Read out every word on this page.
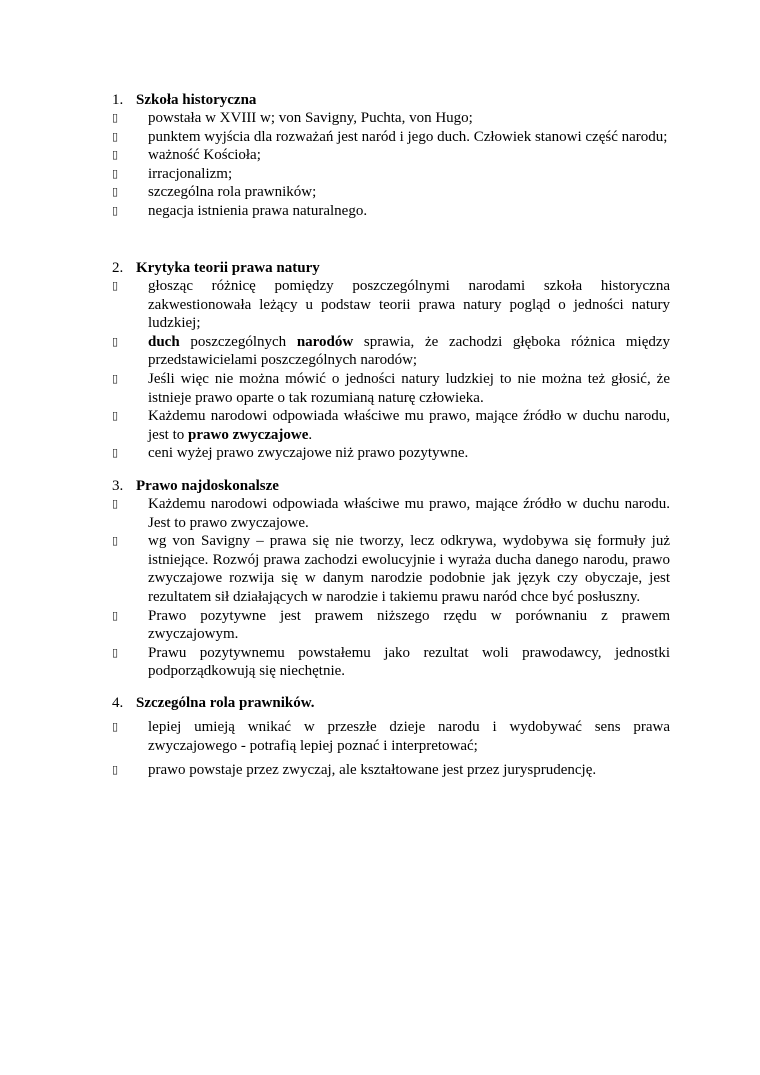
1. Szkoła historyczna
▯	powstała w XVIII w; von Savigny, Puchta, von Hugo;
▯	punktem wyjścia dla rozważań jest naród i jego duch. Człowiek stanowi część narodu;
▯	ważność Kościoła;
▯	irracjonalizm;
▯	szczególna rola prawników;
▯	negacja istnienia prawa naturalnego.
2. Krytyka teorii prawa natury
▯	głosząc różnicę pomiędzy poszczególnymi narodami szkoła historyczna zakwestionowała leżący u podstaw teorii prawa natury pogląd o jedności natury ludzkiej;
▯	duch poszczególnych narodów sprawia, że zachodzi głęboka różnica między przedstawicielami poszczególnych narodów;
▯	Jeśli więc nie można mówić o jedności natury ludzkiej to nie można też głosić, że istnieje prawo oparte o tak rozumianą naturę człowieka.
▯	Każdemu narodowi odpowiada właściwe mu prawo, mające źródło w duchu narodu, jest to prawo zwyczajowe.
▯	ceni wyżej prawo zwyczajowe niż prawo pozytywne.
3. Prawo najdoskonalsze
▯	Każdemu narodowi odpowiada właściwe mu prawo, mające źródło w duchu narodu. Jest to prawo zwyczajowe.
▯	wg von Savigny – prawa się nie tworzy, lecz odkrywa, wydobywa się formuły już istniejące. Rozwój prawa zachodzi ewolucyjnie i wyraża ducha danego narodu, prawo zwyczajowe rozwija się w danym narodzie podobnie jak język czy obyczaje, jest rezultatem sił działających w narodzie i takiemu prawu naród chce być posłuszny.
▯	Prawo pozytywne jest prawem niższego rzędu w porównaniu z prawem zwyczajowym.
▯	Prawu pozytywnemu powstałemu jako rezultat woli prawodawcy, jednostki podporządkowują się niechętnie.
4. Szczególna rola prawników.
▯	lepiej umieją wnikać w przeszłe dzieje narodu i wydobywać sens prawa zwyczajowego - potrafią lepiej poznać i interpretować;
▯	prawo powstaje przez zwyczaj, ale kształtowane jest przez jurysprudencję.
